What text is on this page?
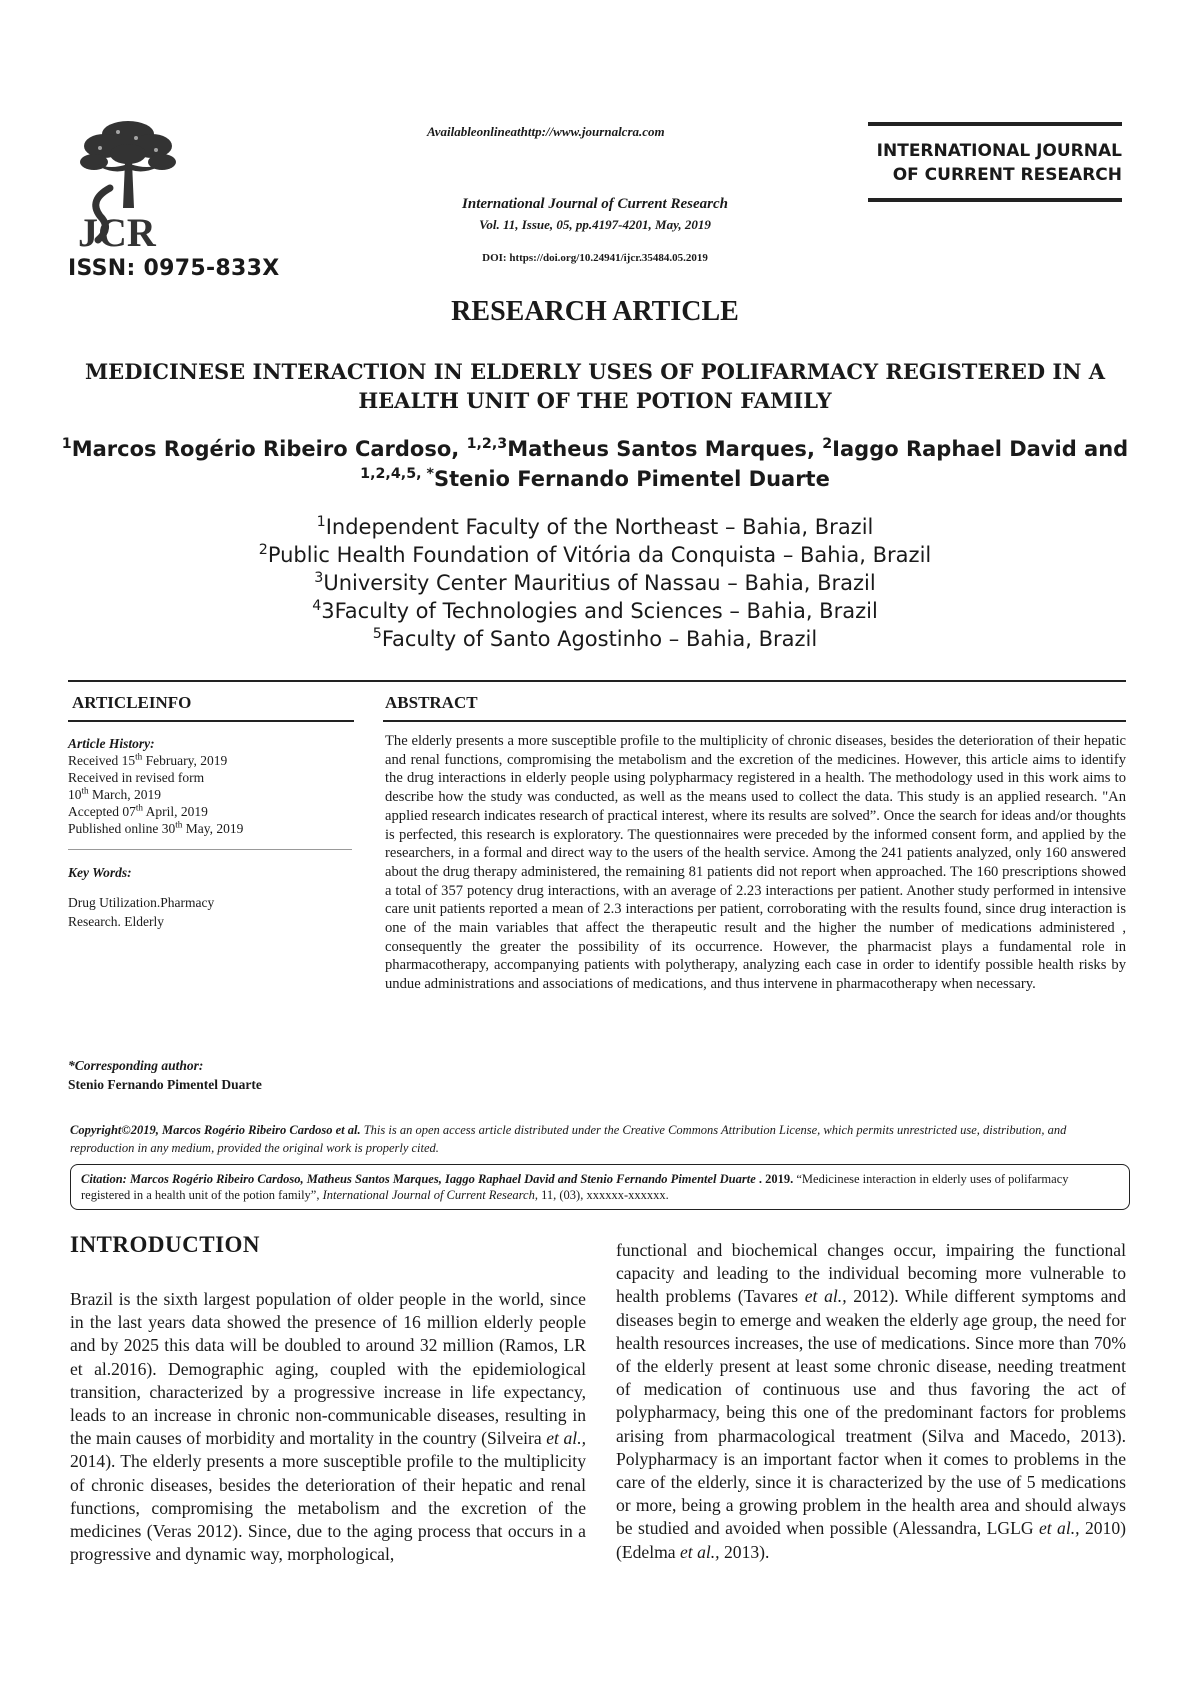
JCR
ISSN: 0975-833X
Availableonlineathttp://www.journalcra.com
International Journal of Current Research
Vol. 11, Issue, 05, pp.4197-4201, May, 2019
DOI: https://doi.org/10.24941/ijcr.35484.05.2019
INTERNATIONAL JOURNAL
OF CURRENT RESEARCH
RESEARCH ARTICLE
MEDICINESE INTERACTION IN ELDERLY USES OF POLIFARMACY REGISTERED IN A HEALTH UNIT OF THE POTION FAMILY
$^1$Marcos Rogério Ribeiro Cardoso, $^{1,2,3}$Matheus Santos Marques, $^2$Iaggo Raphael David and
$^{1,2,4,5, *}$Stenio Fernando Pimentel Duarte
$^1$Independent Faculty of the Northeast – Bahia, Brazil
$^2$Public Health Foundation of Vitória da Conquista – Bahia, Brazil
$^3$University Center Mauritius of Nassau – Bahia, Brazil
$^4$3Faculty of Technologies and Sciences – Bahia, Brazil
$^5$Faculty of Santo Agostinho – Bahia, Brazil
ARTICLEINFO	ABSTRACT
Article History:
Received 15th February, 2019
Received in revised form
10th March, 2019
Accepted 07th April, 2019
Published online 30th May, 2019
Key Words:
Drug Utilization.Pharmacy Research. Elderly
*Corresponding author:
Stenio Fernando Pimentel Duarte
The elderly presents a more susceptible profile to the multiplicity of chronic diseases, besides the deterioration of their hepatic and renal functions, compromising the metabolism and the excretion of the medicines. However, this article aims to identify the drug interactions in elderly people using polypharmacy registered in a health. The methodology used in this work aims to describe how the study was conducted, as well as the means used to collect the data. This study is an applied research. "An applied research indicates research of practical interest, where its results are solved”. Once the search for ideas and/or thoughts is perfected, this research is exploratory. The questionnaires were preceded by the informed consent form, and applied by the researchers, in a formal and direct way to the users of the health service. Among the 241 patients analyzed, only 160 answered about the drug therapy administered, the remaining 81 patients did not report when approached. The 160 prescriptions showed a total of 357 potency drug interactions, with an average of 2.23 interactions per patient. Another study performed in intensive care unit patients reported a mean of 2.3 interactions per patient, corroborating with the results found, since drug interaction is one of the main variables that affect the therapeutic result and the higher the number of medications administered , consequently the greater the possibility of its occurrence. However, the pharmacist plays a fundamental role in pharmacotherapy, accompanying patients with polytherapy, analyzing each case in order to identify possible health risks by undue administrations and associations of medications, and thus intervene in pharmacotherapy when necessary.
Copyright©2019, Marcos Rogério Ribeiro Cardoso et al. This is an open access article distributed under the Creative Commons Attribution License, which permits unrestricted use, distribution, and reproduction in any medium, provided the original work is properly cited.
Citation: Marcos Rogério Ribeiro Cardoso, Matheus Santos Marques, Iaggo Raphael David and Stenio Fernando Pimentel Duarte . 2019. “Medicinese interaction in elderly uses of polifarmacy registered in a health unit of the potion family”, International Journal of Current Research, 11, (03), xxxxxx-xxxxxx.
INTRODUCTION
Brazil is the sixth largest population of older people in the world, since in the last years data showed the presence of 16 million elderly people and by 2025 this data will be doubled to around 32 million (Ramos, LR et al.2016). Demographic aging, coupled with the epidemiological transition, characterized by a progressive increase in life expectancy, leads to an increase in chronic non-communicable diseases, resulting in the main causes of morbidity and mortality in the country (Silveira et al., 2014). The elderly presents a more susceptible profile to the multiplicity of chronic diseases, besides the deterioration of their hepatic and renal functions, compromising the metabolism and the excretion of the medicines (Veras 2012). Since, due to the aging process that occurs in a progressive and dynamic way, morphological,
functional and biochemical changes occur, impairing the functional capacity and leading to the individual becoming more vulnerable to health problems (Tavares et al., 2012). While different symptoms and diseases begin to emerge and weaken the elderly age group, the need for health resources increases, the use of medications. Since more than 70% of the elderly present at least some chronic disease, needing treatment of medication of continuous use and thus favoring the act of polypharmacy, being this one of the predominant factors for problems arising from pharmacological treatment (Silva and Macedo, 2013). Polypharmacy is an important factor when it comes to problems in the care of the elderly, since it is characterized by the use of 5 medications or more, being a growing problem in the health area and should always be studied and avoided when possible (Alessandra, LGLG et al., 2010) (Edelma et al., 2013).
